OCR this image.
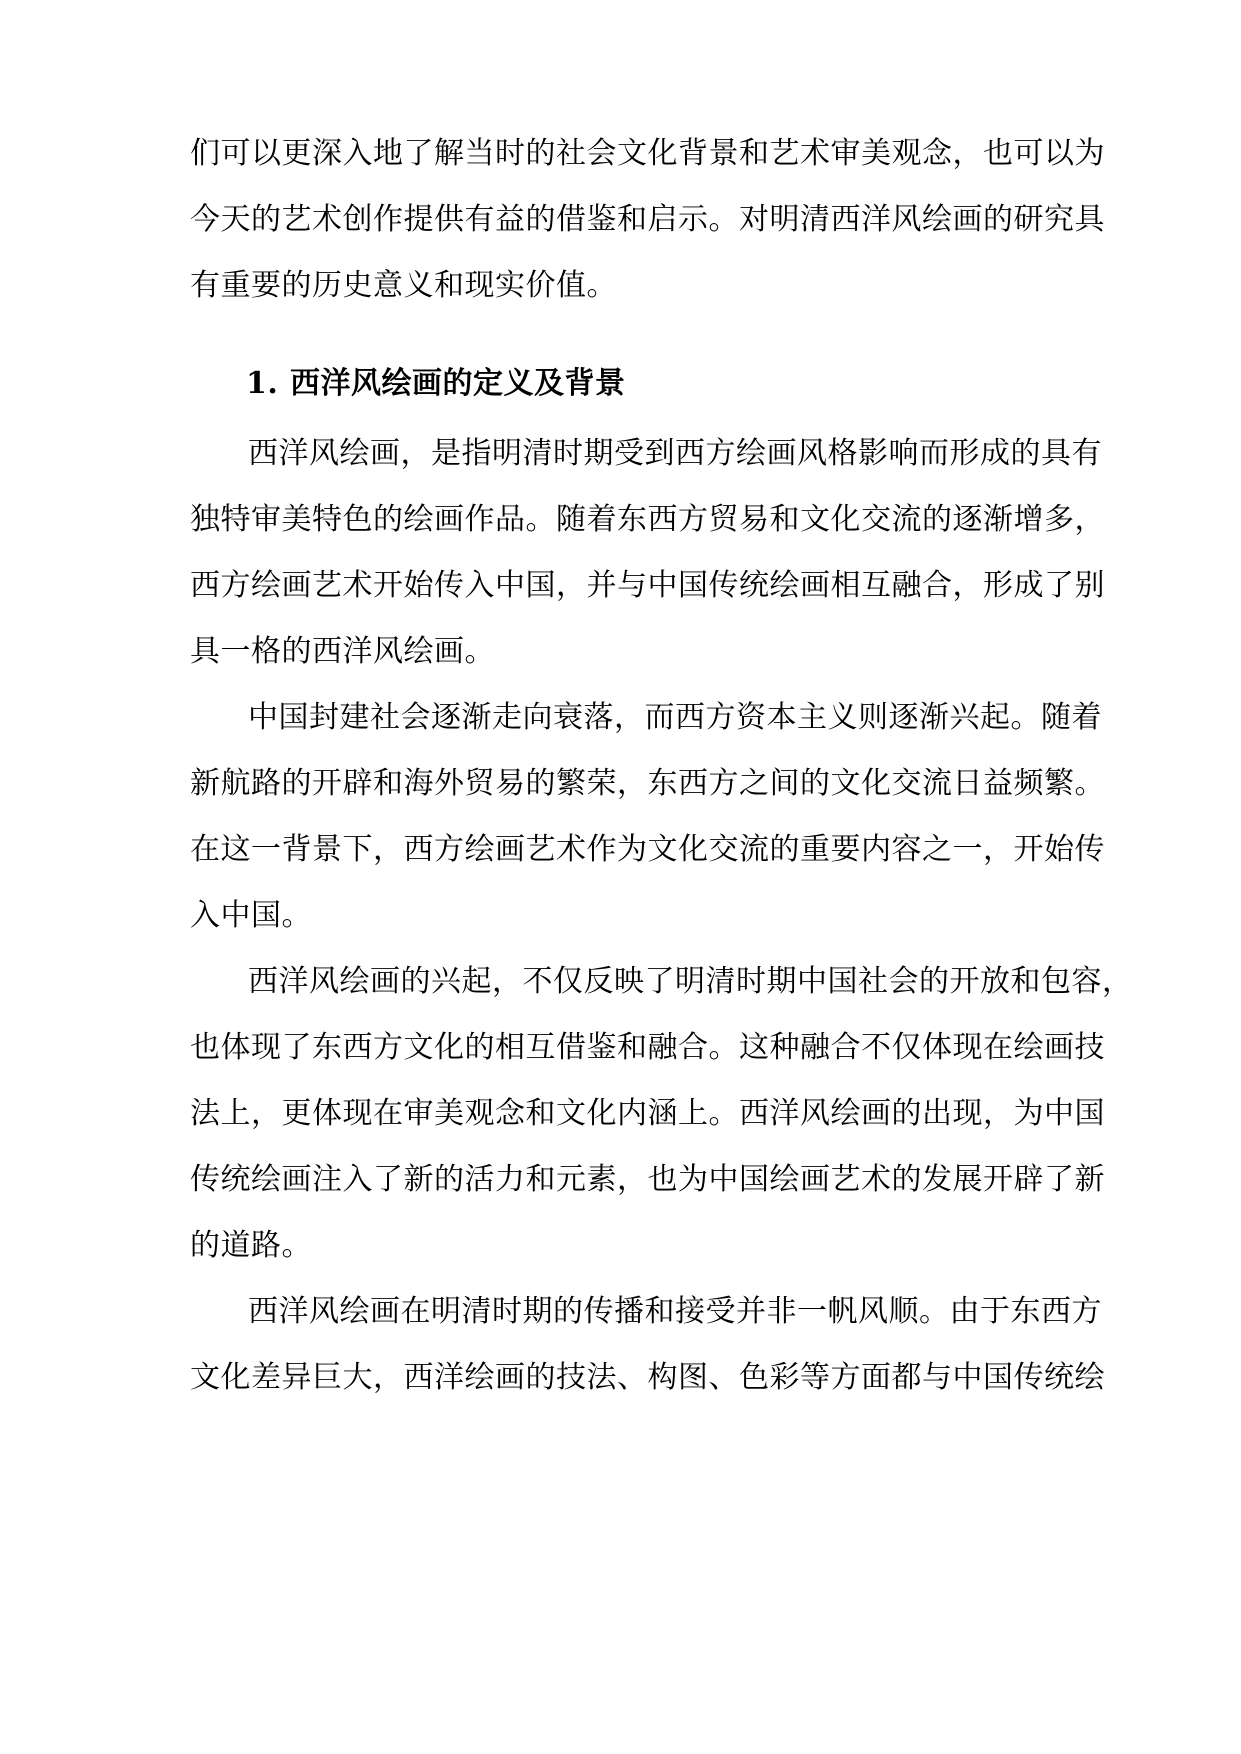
们可以更深入地了解当时的社会文化背景和艺术审美观念，也可以为

今天的艺术创作提供有益的借鉴和启示。对明清西洋风绘画的研究具

有重要的历史意义和现实价值。

1. 西洋风绘画的定义及背景

西洋风绘画，是指明清时期受到西方绘画风格影响而形成的具有

独特审美特色的绘画作品。随着东西方贸易和文化交流的逐渐增多，

西方绘画艺术开始传入中国，并与中国传统绘画相互融合，形成了别

具一格的西洋风绘画。

中国封建社会逐渐走向衰落，而西方资本主义则逐渐兴起。随着

新航路的开辟和海外贸易的繁荣，东西方之间的文化交流日益频繁。

在这一背景下，西方绘画艺术作为文化交流的重要内容之一，开始传

入中国。

西洋风绘画的兴起，不仅反映了明清时期中国社会的开放和包容，

也体现了东西方文化的相互借鉴和融合。这种融合不仅体现在绘画技

法上，更体现在审美观念和文化内涵上。西洋风绘画的出现，为中国

传统绘画注入了新的活力和元素，也为中国绘画艺术的发展开辟了新

的道路。

西洋风绘画在明清时期的传播和接受并非一帆风顺。由于东西方

文化差异巨大，西洋绘画的技法、构图、色彩等方面都与中国传统绘
